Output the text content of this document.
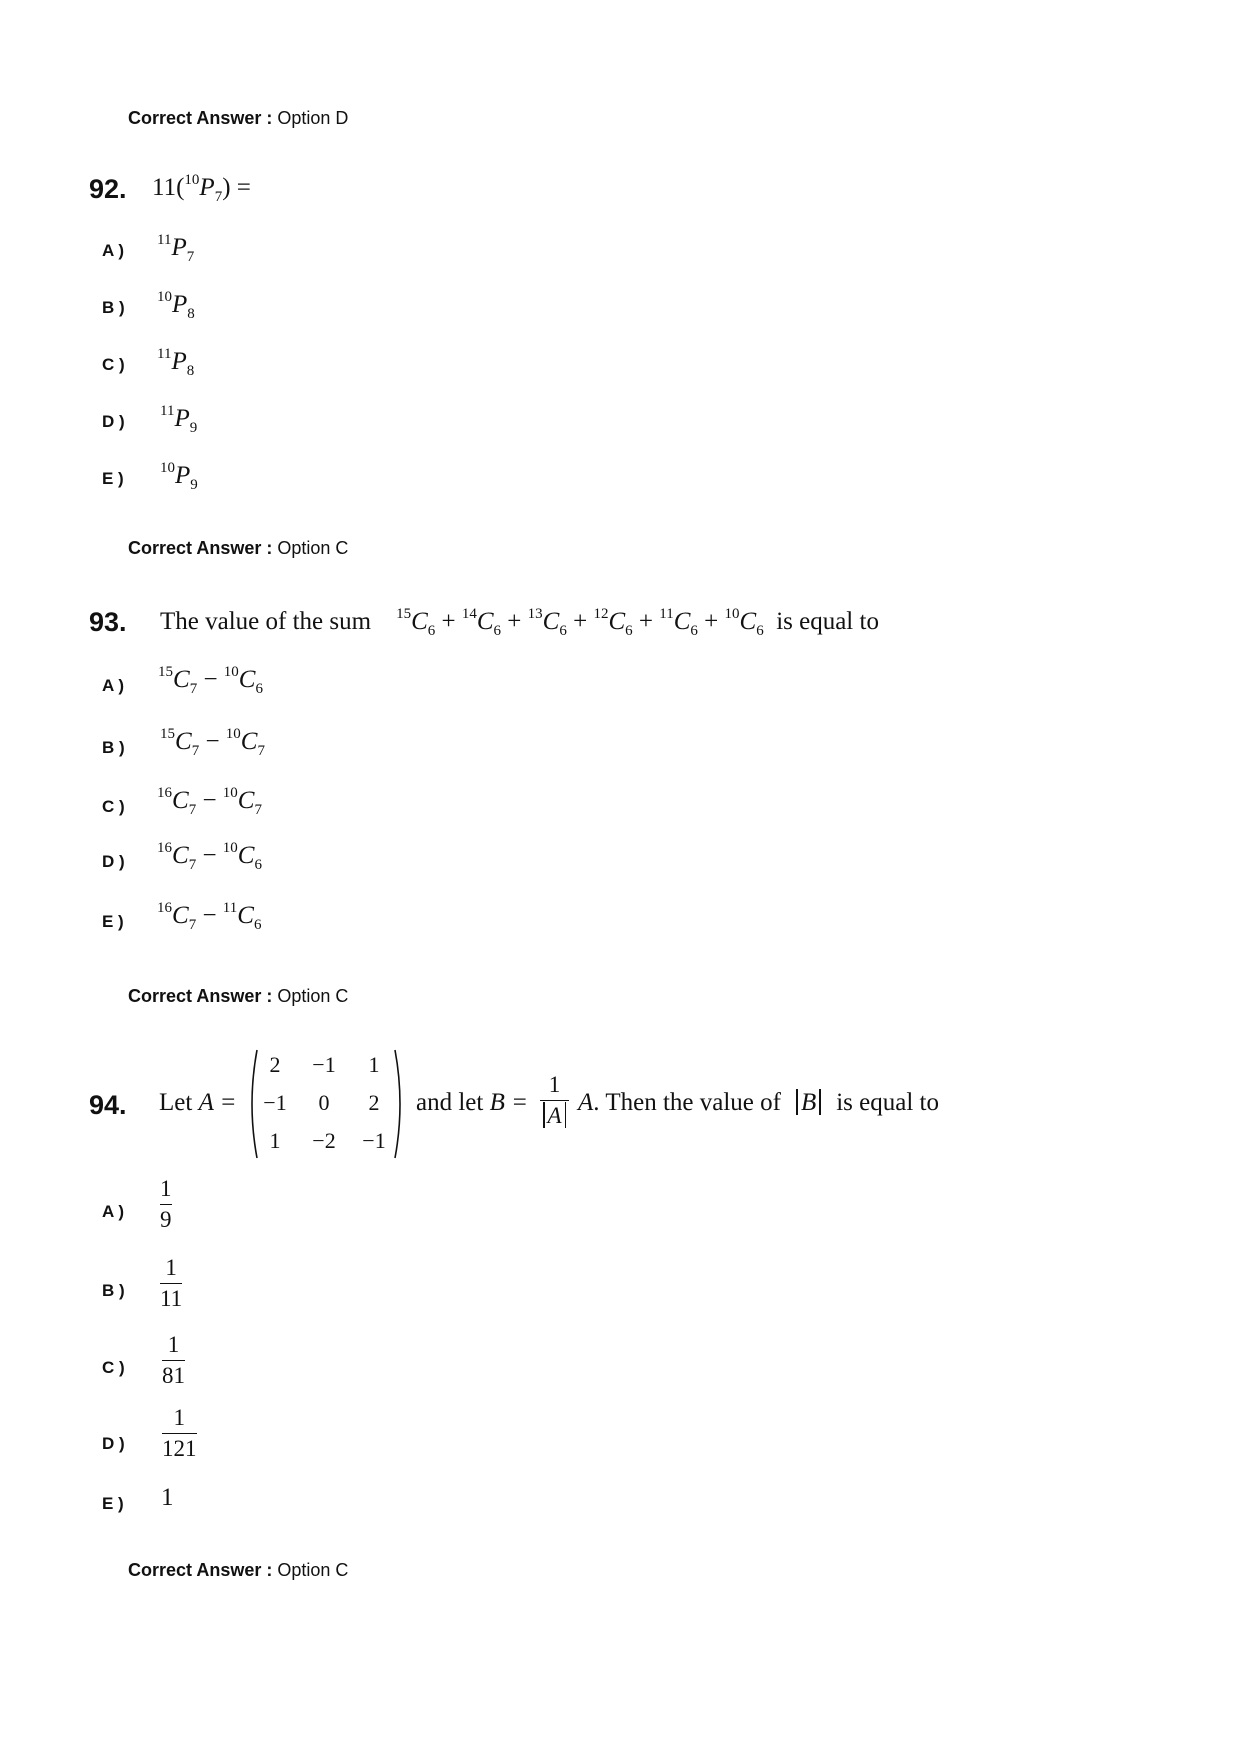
Correct Answer : Option D
92. $11(^{10}P_7)$ =
A )
$^{11}P_7$
B )
$^{10}P_8$
C )
$^{11}P_8$
D )
$^{11}P_9$
E )
$^{10}P_9$
Correct Answer : Option C
93. The value of the sum $^{15}C_6 + ^{14}C_6 + ^{13}C_6 + ^{12}C_6 + ^{11}C_6 + ^{10}C_6$ is equal to
A )
$^{15}C_7 - ^{10}C_6$
B )
$^{15}C_7 - ^{10}C_7$
C )
$^{16}C_7 - ^{10}C_7$
D )
$^{16}C_7 - ^{10}C_6$
E )
$^{16}C_7 - ^{11}C_6$
Correct Answer : Option C
94. Let A =
2	−1	1
−1	0	2
1	−2	−1
and let $B = \frac{1}{A} A$. Then the value of B is equal to
A ) $\frac{1}{9}$
B ) $\frac{1}{11}$
C ) $\frac{1}{81}$
D ) $\frac{1}{121}$
E ) 1
Correct Answer : Option C
